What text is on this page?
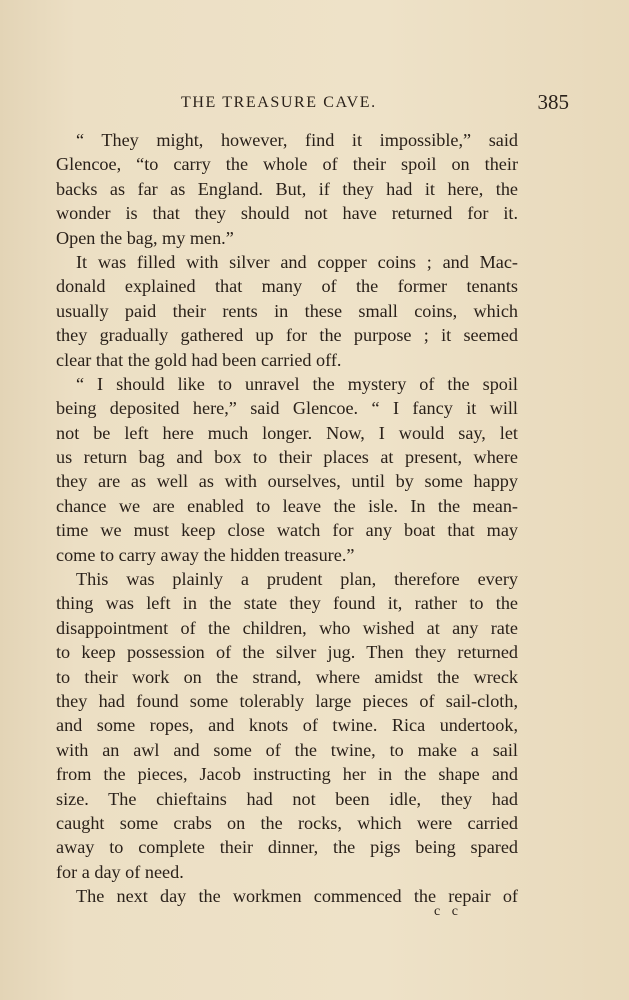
THE TREASURE CAVE.	385
“ They might, however, find it impossible,” said
Glencoe, “to carry the whole of their spoil on their
backs as far as England. But, if they had it here, the
wonder is that they should not have returned for it.
Open the bag, my men.”
It was filled with silver and copper coins ; and Mac-
donald explained that many of the former tenants
usually paid their rents in these small coins, which
they gradually gathered up for the purpose ; it seemed
clear that the gold had been carried off.
“ I should like to unravel the mystery of the spoil
being deposited here,” said Glencoe. “ I fancy it will
not be left here much longer. Now, I would say, let
us return bag and box to their places at present, where
they are as well as with ourselves, until by some happy
chance we are enabled to leave the isle. In the mean-
time we must keep close watch for any boat that may
come to carry away the hidden treasure.”
This was plainly a prudent plan, therefore every
thing was left in the state they found it, rather to the
disappointment of the children, who wished at any rate
to keep possession of the silver jug. Then they returned
to their work on the strand, where amidst the wreck
they had found some tolerably large pieces of sail-cloth,
and some ropes, and knots of twine. Rica undertook,
with an awl and some of the twine, to make a sail
from the pieces, Jacob instructing her in the shape and
size. The chieftains had not been idle, they had
caught some crabs on the rocks, which were carried
away to complete their dinner, the pigs being spared
for a day of need.
The next day the workmen commenced the repair of
c c
